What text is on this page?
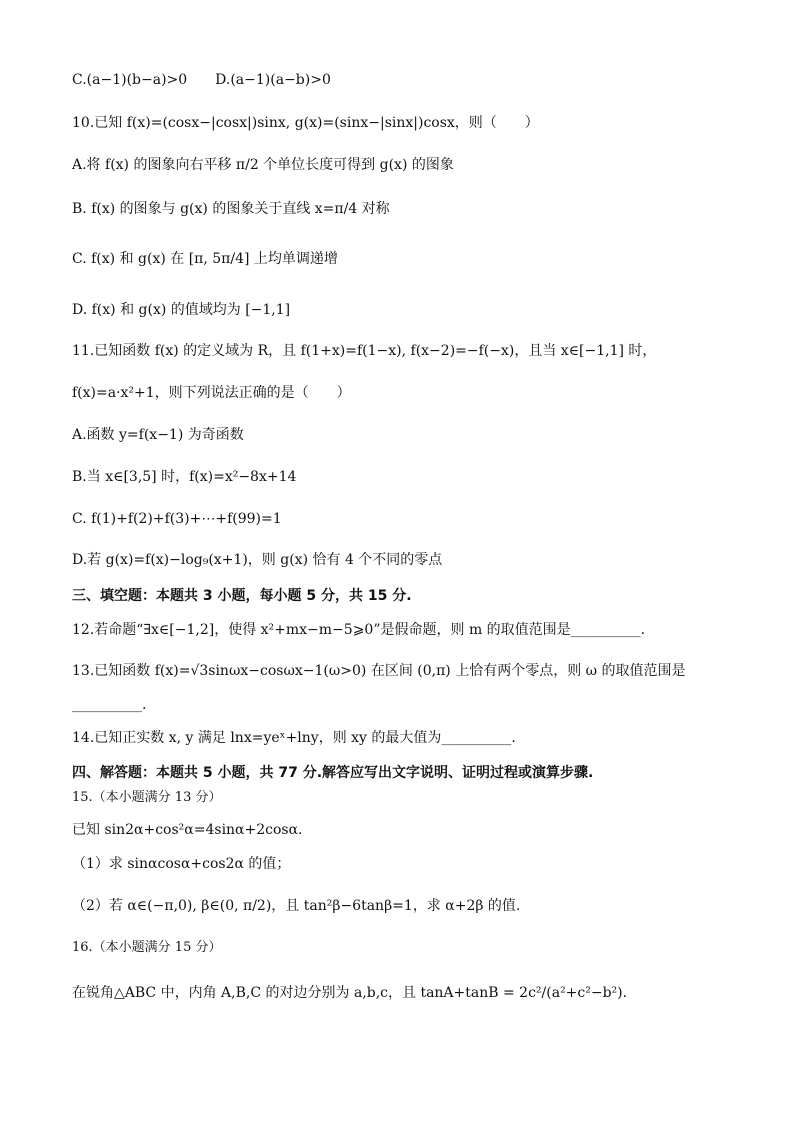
C.(a−1)(b−a)>0　　D.(a−1)(a−b)>0
10.已知 f(x)=(cosx−|cosx|)sinx, g(x)=(sinx−|sinx|)cosx，则（　　）
A.将 f(x) 的图象向右平移 π/2 个单位长度可得到 g(x) 的图象
B. f(x) 的图象与 g(x) 的图象关于直线 x=π/4 对称
C. f(x) 和 g(x) 在 [π, 5π/4] 上均单调递增
D. f(x) 和 g(x) 的值域均为 [−1,1]
11.已知函数 f(x) 的定义域为 R，且 f(1+x)=f(1−x), f(x−2)=−f(−x)，且当 x∈[−1,1] 时，
f(x)=a·x²+1，则下列说法正确的是（　　）
A.函数 y=f(x−1) 为奇函数
B.当 x∈[3,5] 时，f(x)=x²−8x+14
C. f(1)+f(2)+f(3)+⋯+f(99)=1
D.若 g(x)=f(x)−log₉(x+1)，则 g(x) 恰有 4 个不同的零点
三、填空题：本题共 3 小题，每小题 5 分，共 15 分.
12.若命题“∃x∈[−1,2]，使得 x²+mx−m−5⩾0”是假命题，则 m 的取值范围是__________.
13.已知函数 f(x)=√3sinωx−cosωx−1(ω>0) 在区间 (0,π) 上恰有两个零点，则 ω 的取值范围是
__________.
14.已知正实数 x, y 满足 lnx=yeˣ+lny，则 xy 的最大值为__________.
四、解答题：本题共 5 小题，共 77 分.解答应写出文字说明、证明过程或演算步骤.
15.（本小题满分 13 分）
已知 sin2α+cos²α=4sinα+2cosα.
（1）求 sinαcosα+cos2α 的值；
（2）若 α∈(−π,0), β∈(0, π/2)，且 tan²β−6tanβ=1，求 α+2β 的值.
16.（本小题满分 15 分）
在锐角△ABC 中，内角 A,B,C 的对边分别为 a,b,c，且 tanA+tanB = 2c²/(a²+c²−b²).
